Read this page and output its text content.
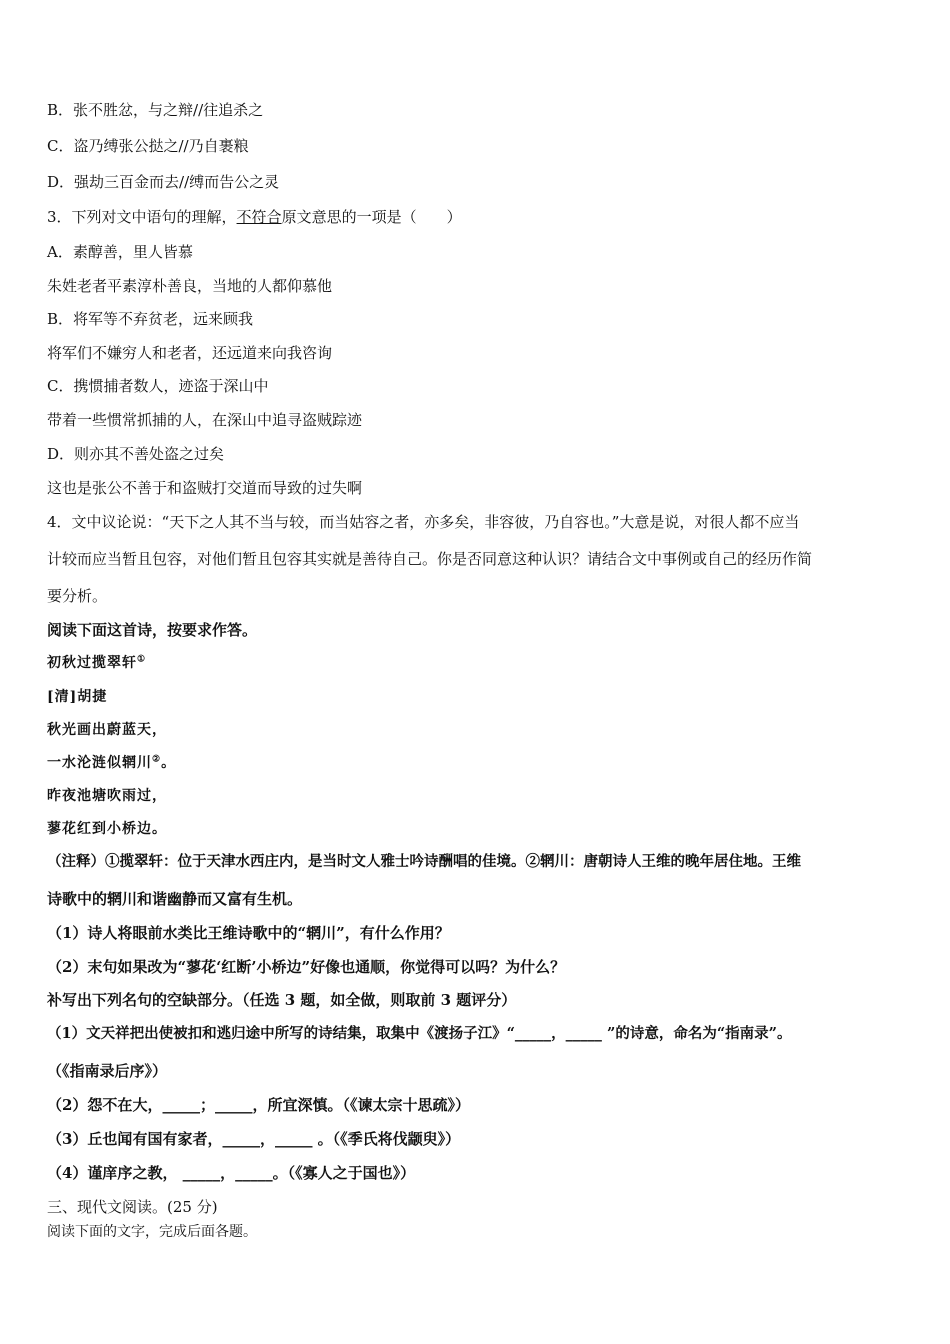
B．张不胜忿，与之辩//往追杀之
C．盗乃缚张公挞之//乃自裹粮
D．强劫三百金而去//缚而告公之灵
3．下列对文中语句的理解，不符合原文意思的一项是（　　）
A．素醇善，里人皆慕
朱姓老者平素淳朴善良，当地的人都仰慕他
B．将军等不弃贫老，远来顾我
将军们不嫌穷人和老者，还远道来向我咨询
C．携惯捕者数人，迹盗于深山中
带着一些惯常抓捕的人，在深山中追寻盗贼踪迹
D．则亦其不善处盗之过矣
这也是张公不善于和盗贼打交道而导致的过失啊
4．文中议论说：“天下之人其不当与较，而当姑容之者，亦多矣，非容彼，乃自容也。”大意是说，对很人都不应当
计较而应当暂且包容，对他们暂且包容其实就是善待自己。你是否同意这种认识？请结合文中事例或自己的经历作简
要分析。
阅读下面这首诗，按要求作答。
初秋过揽翠轩①
[清]胡捷
秋光画出蔚蓝天，
一水沦涟似辋川②。
昨夜池塘吹雨过，
蓼花红到小桥边。
（注释）①揽翠轩：位于天津水西庄内，是当时文人雅士吟诗酬唱的佳境。②辋川：唐朝诗人王维的晚年居住地。王维
诗歌中的辋川和谐幽静而又富有生机。
（1）诗人将眼前水类比王维诗歌中的“辋川”，有什么作用？
（2）末句如果改为“蓼花‘红断’小桥边”好像也通顺，你觉得可以吗？为什么？
补写出下列名句的空缺部分。（任选 3 题，如全做，则取前 3 题评分）
（1）文天祥把出使被扣和逃归途中所写的诗结集，取集中《渡扬子江》“_____，_____ ”的诗意，命名为“指南录”。
（《指南录后序》）
（2）怨不在大，_____；_____，所宜深慎。（《谏太宗十思疏》）
（3）丘也闻有国有家者，_____，_____ 。（《季氏将伐颛臾》）
（4）谨庠序之教， _____，_____。（《寡人之于国也》）
三、现代文阅读。(25 分)
阅读下面的文字，完成后面各题。
